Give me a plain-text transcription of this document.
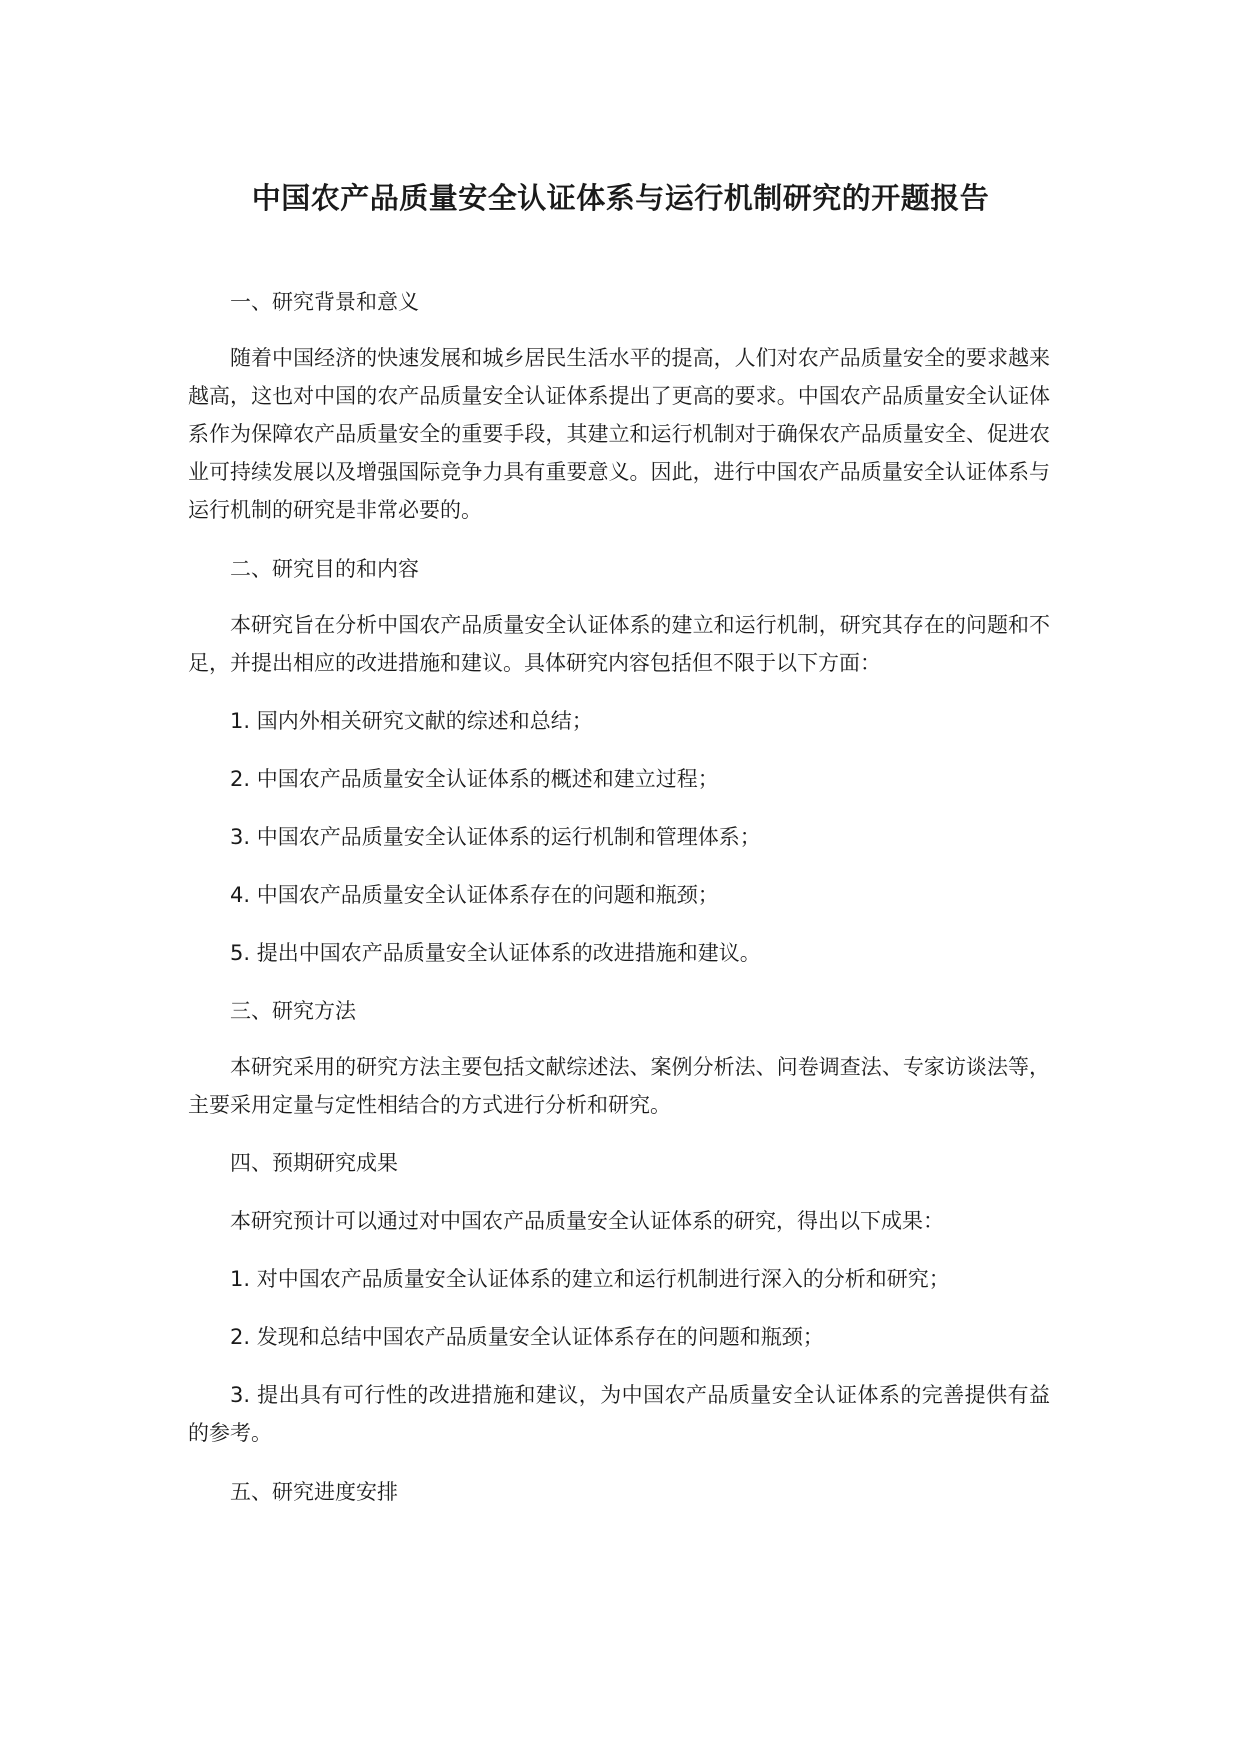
中国农产品质量安全认证体系与运行机制研究的开题报告

一、研究背景和意义

随着中国经济的快速发展和城乡居民生活水平的提高，人们对农产品质量安全的要求越来越高，这也对中国的农产品质量安全认证体系提出了更高的要求。中国农产品质量安全认证体系作为保障农产品质量安全的重要手段，其建立和运行机制对于确保农产品质量安全、促进农业可持续发展以及增强国际竞争力具有重要意义。因此，进行中国农产品质量安全认证体系与运行机制的研究是非常必要的。

二、研究目的和内容

本研究旨在分析中国农产品质量安全认证体系的建立和运行机制，研究其存在的问题和不足，并提出相应的改进措施和建议。具体研究内容包括但不限于以下方面：

1. 国内外相关研究文献的综述和总结；

2. 中国农产品质量安全认证体系的概述和建立过程；

3. 中国农产品质量安全认证体系的运行机制和管理体系；

4. 中国农产品质量安全认证体系存在的问题和瓶颈；

5. 提出中国农产品质量安全认证体系的改进措施和建议。

三、研究方法

本研究采用的研究方法主要包括文献综述法、案例分析法、问卷调查法、专家访谈法等，主要采用定量与定性相结合的方式进行分析和研究。

四、预期研究成果

本研究预计可以通过对中国农产品质量安全认证体系的研究，得出以下成果：

1. 对中国农产品质量安全认证体系的建立和运行机制进行深入的分析和研究；

2. 发现和总结中国农产品质量安全认证体系存在的问题和瓶颈；

3. 提出具有可行性的改进措施和建议，为中国农产品质量安全认证体系的完善提供有益的参考。

五、研究进度安排
